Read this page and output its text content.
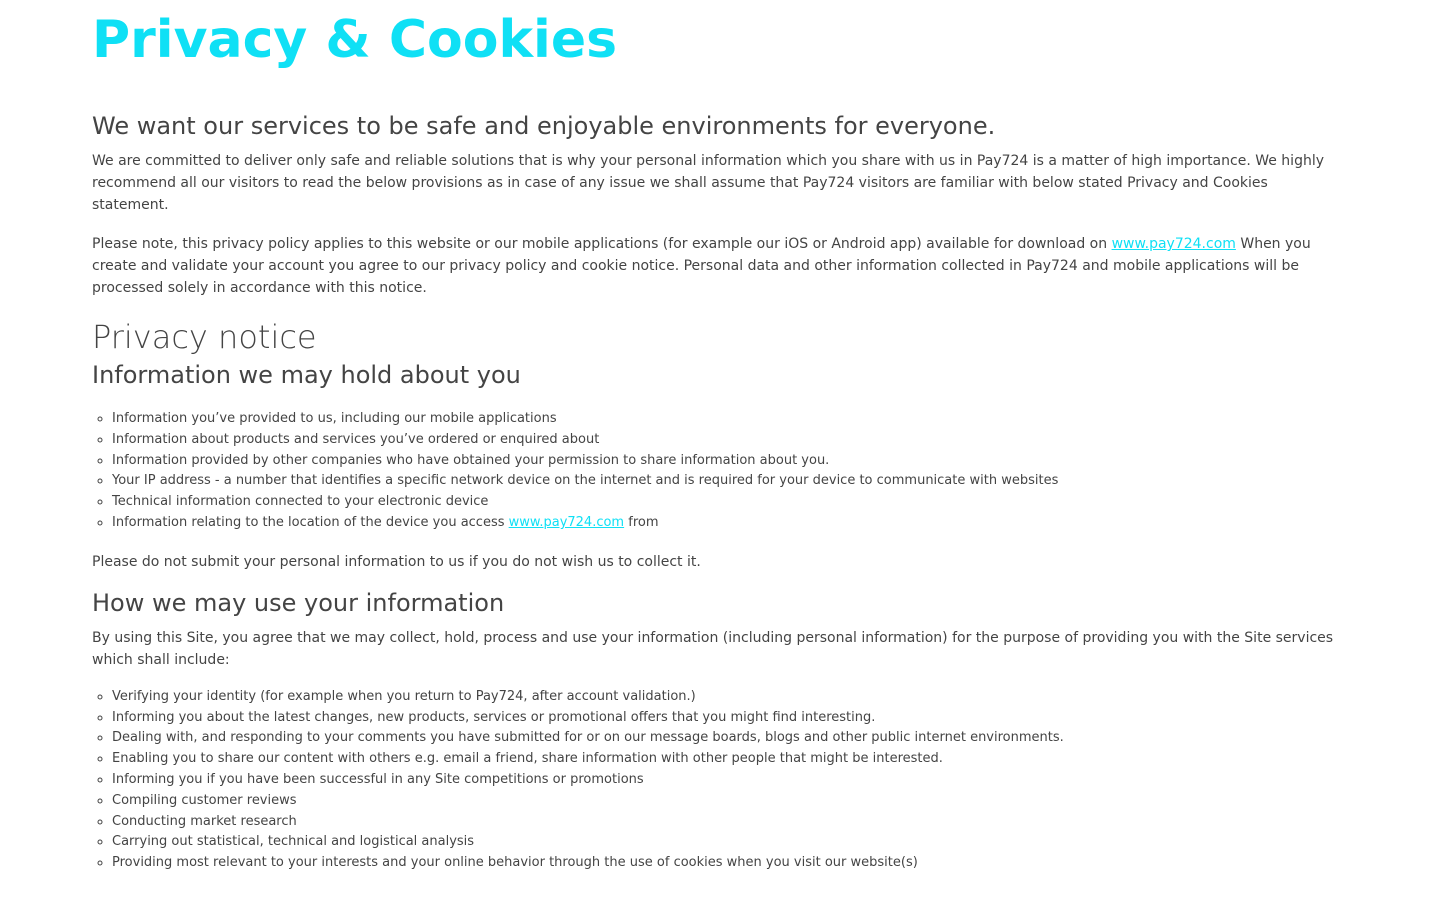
Privacy & Cookies
We want our services to be safe and enjoyable environments for everyone.

We are committed to deliver only safe and reliable solutions that is why your personal information which you share with us in Pay724 is a matter of high importance. We highly recommend all our visitors to read the below provisions as in case of any issue we shall assume that Pay724 visitors are familiar with below stated Privacy and Cookies statement.

Please note, this privacy policy applies to this website or our mobile applications (for example our iOS or Android app) available for download on www.pay724.com When you create and validate your account you agree to our privacy policy and cookie notice. Personal data and other information collected in Pay724 and mobile applications will be processed solely in accordance with this notice.

Privacy notice
Information we may hold about you
◦ Information you’ve provided to us, including our mobile applications
◦ Information about products and services you’ve ordered or enquired about
◦ Information provided by other companies who have obtained your permission to share information about you.
◦ Your IP address - a number that identifies a specific network device on the internet and is required for your device to communicate with websites
◦ Technical information connected to your electronic device
◦ Information relating to the location of the device you access www.pay724.com from

Please do not submit your personal information to us if you do not wish us to collect it.

How we may use your information

By using this Site, you agree that we may collect, hold, process and use your information (including personal information) for the purpose of providing you with the Site services which shall include:

◦ Verifying your identity (for example when you return to Pay724, after account validation.)
◦ Informing you about the latest changes, new products, services or promotional offers that you might find interesting.
◦ Dealing with, and responding to your comments you have submitted for or on our message boards, blogs and other public internet environments.
◦ Enabling you to share our content with others e.g. email a friend, share information with other people that might be interested.
◦ Informing you if you have been successful in any Site competitions or promotions
◦ Compiling customer reviews
◦ Conducting market research
◦ Carrying out statistical, technical and logistical analysis
◦ Providing most relevant to your interests and your online behavior through the use of cookies when you visit our website(s)
